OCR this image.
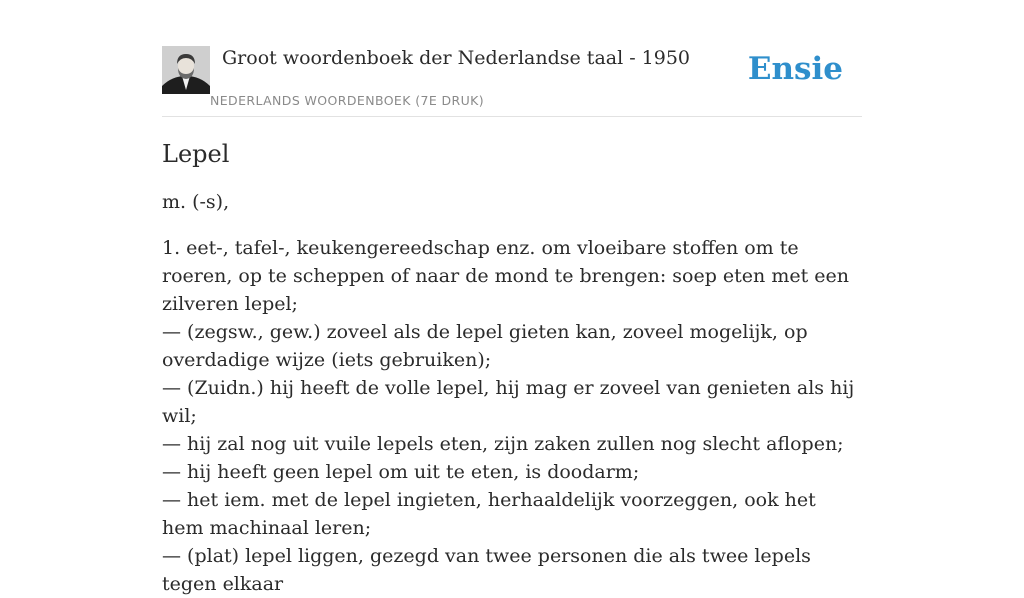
Groot woordenboek der Nederlandse taal - 1950
NEDERLANDS WOORDENBOEK (7E DRUK)
Ensie
Lepel

m. (-s),

1. eet-, tafel-, keukengereedschap enz. om vloeibare stoffen om te roeren, op te scheppen of naar de mond te brengen: soep eten met een zilveren lepel;
— (zegsw., gew.) zoveel als de lepel gieten kan, zoveel mogelijk, op overdadige wijze (iets gebruiken);
— (Zuidn.) hij heeft de volle lepel, hij mag er zoveel van genieten als hij wil;
— hij zal nog uit vuile lepels eten, zijn zaken zullen nog slecht aflopen;
— hij heeft geen lepel om uit te eten, is doodarm;
— het iem. met de lepel ingieten, herhaaldelijk voorzeggen, ook het hem machinaal leren;
— (plat) lepel liggen, gezegd van twee personen die als twee lepels tegen elkaar
